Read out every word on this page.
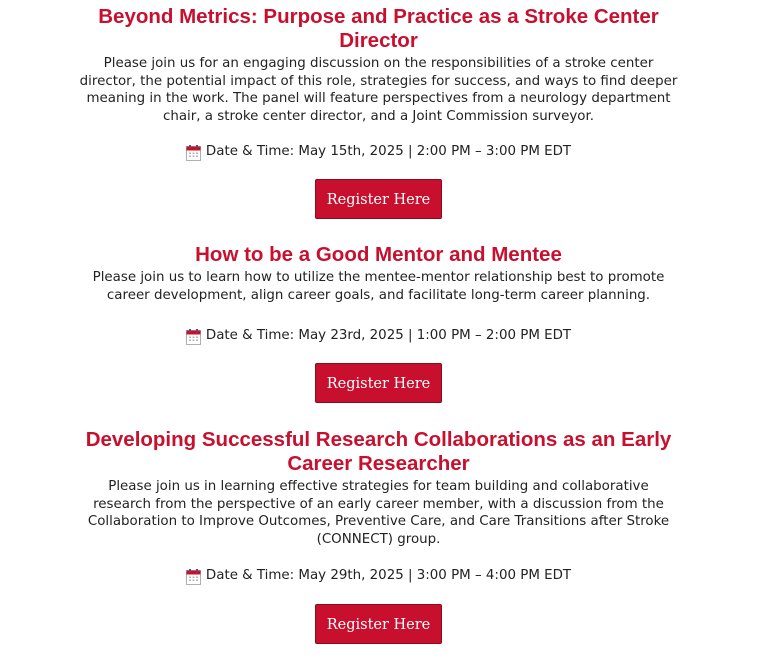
Beyond Metrics: Purpose and Practice as a Stroke Center Director
Please join us for an engaging discussion on the responsibilities of a stroke center director, the potential impact of this role, strategies for success, and ways to find deeper meaning in the work. The panel will feature perspectives from a neurology department chair, a stroke center director, and a Joint Commission surveyor.
Date & Time: May 15th, 2025 | 2:00 PM – 3:00 PM EDT
Register Here
How to be a Good Mentor and Mentee
Please join us to learn how to utilize the mentee-mentor relationship best to promote career development, align career goals, and facilitate long-term career planning.
Date & Time: May 23rd, 2025 | 1:00 PM – 2:00 PM EDT
Register Here
Developing Successful Research Collaborations as an Early Career Researcher
Please join us in learning effective strategies for team building and collaborative research from the perspective of an early career member, with a discussion from the Collaboration to Improve Outcomes, Preventive Care, and Care Transitions after Stroke (CONNECT) group.
Date & Time: May 29th, 2025 | 3:00 PM – 4:00 PM EDT
Register Here
